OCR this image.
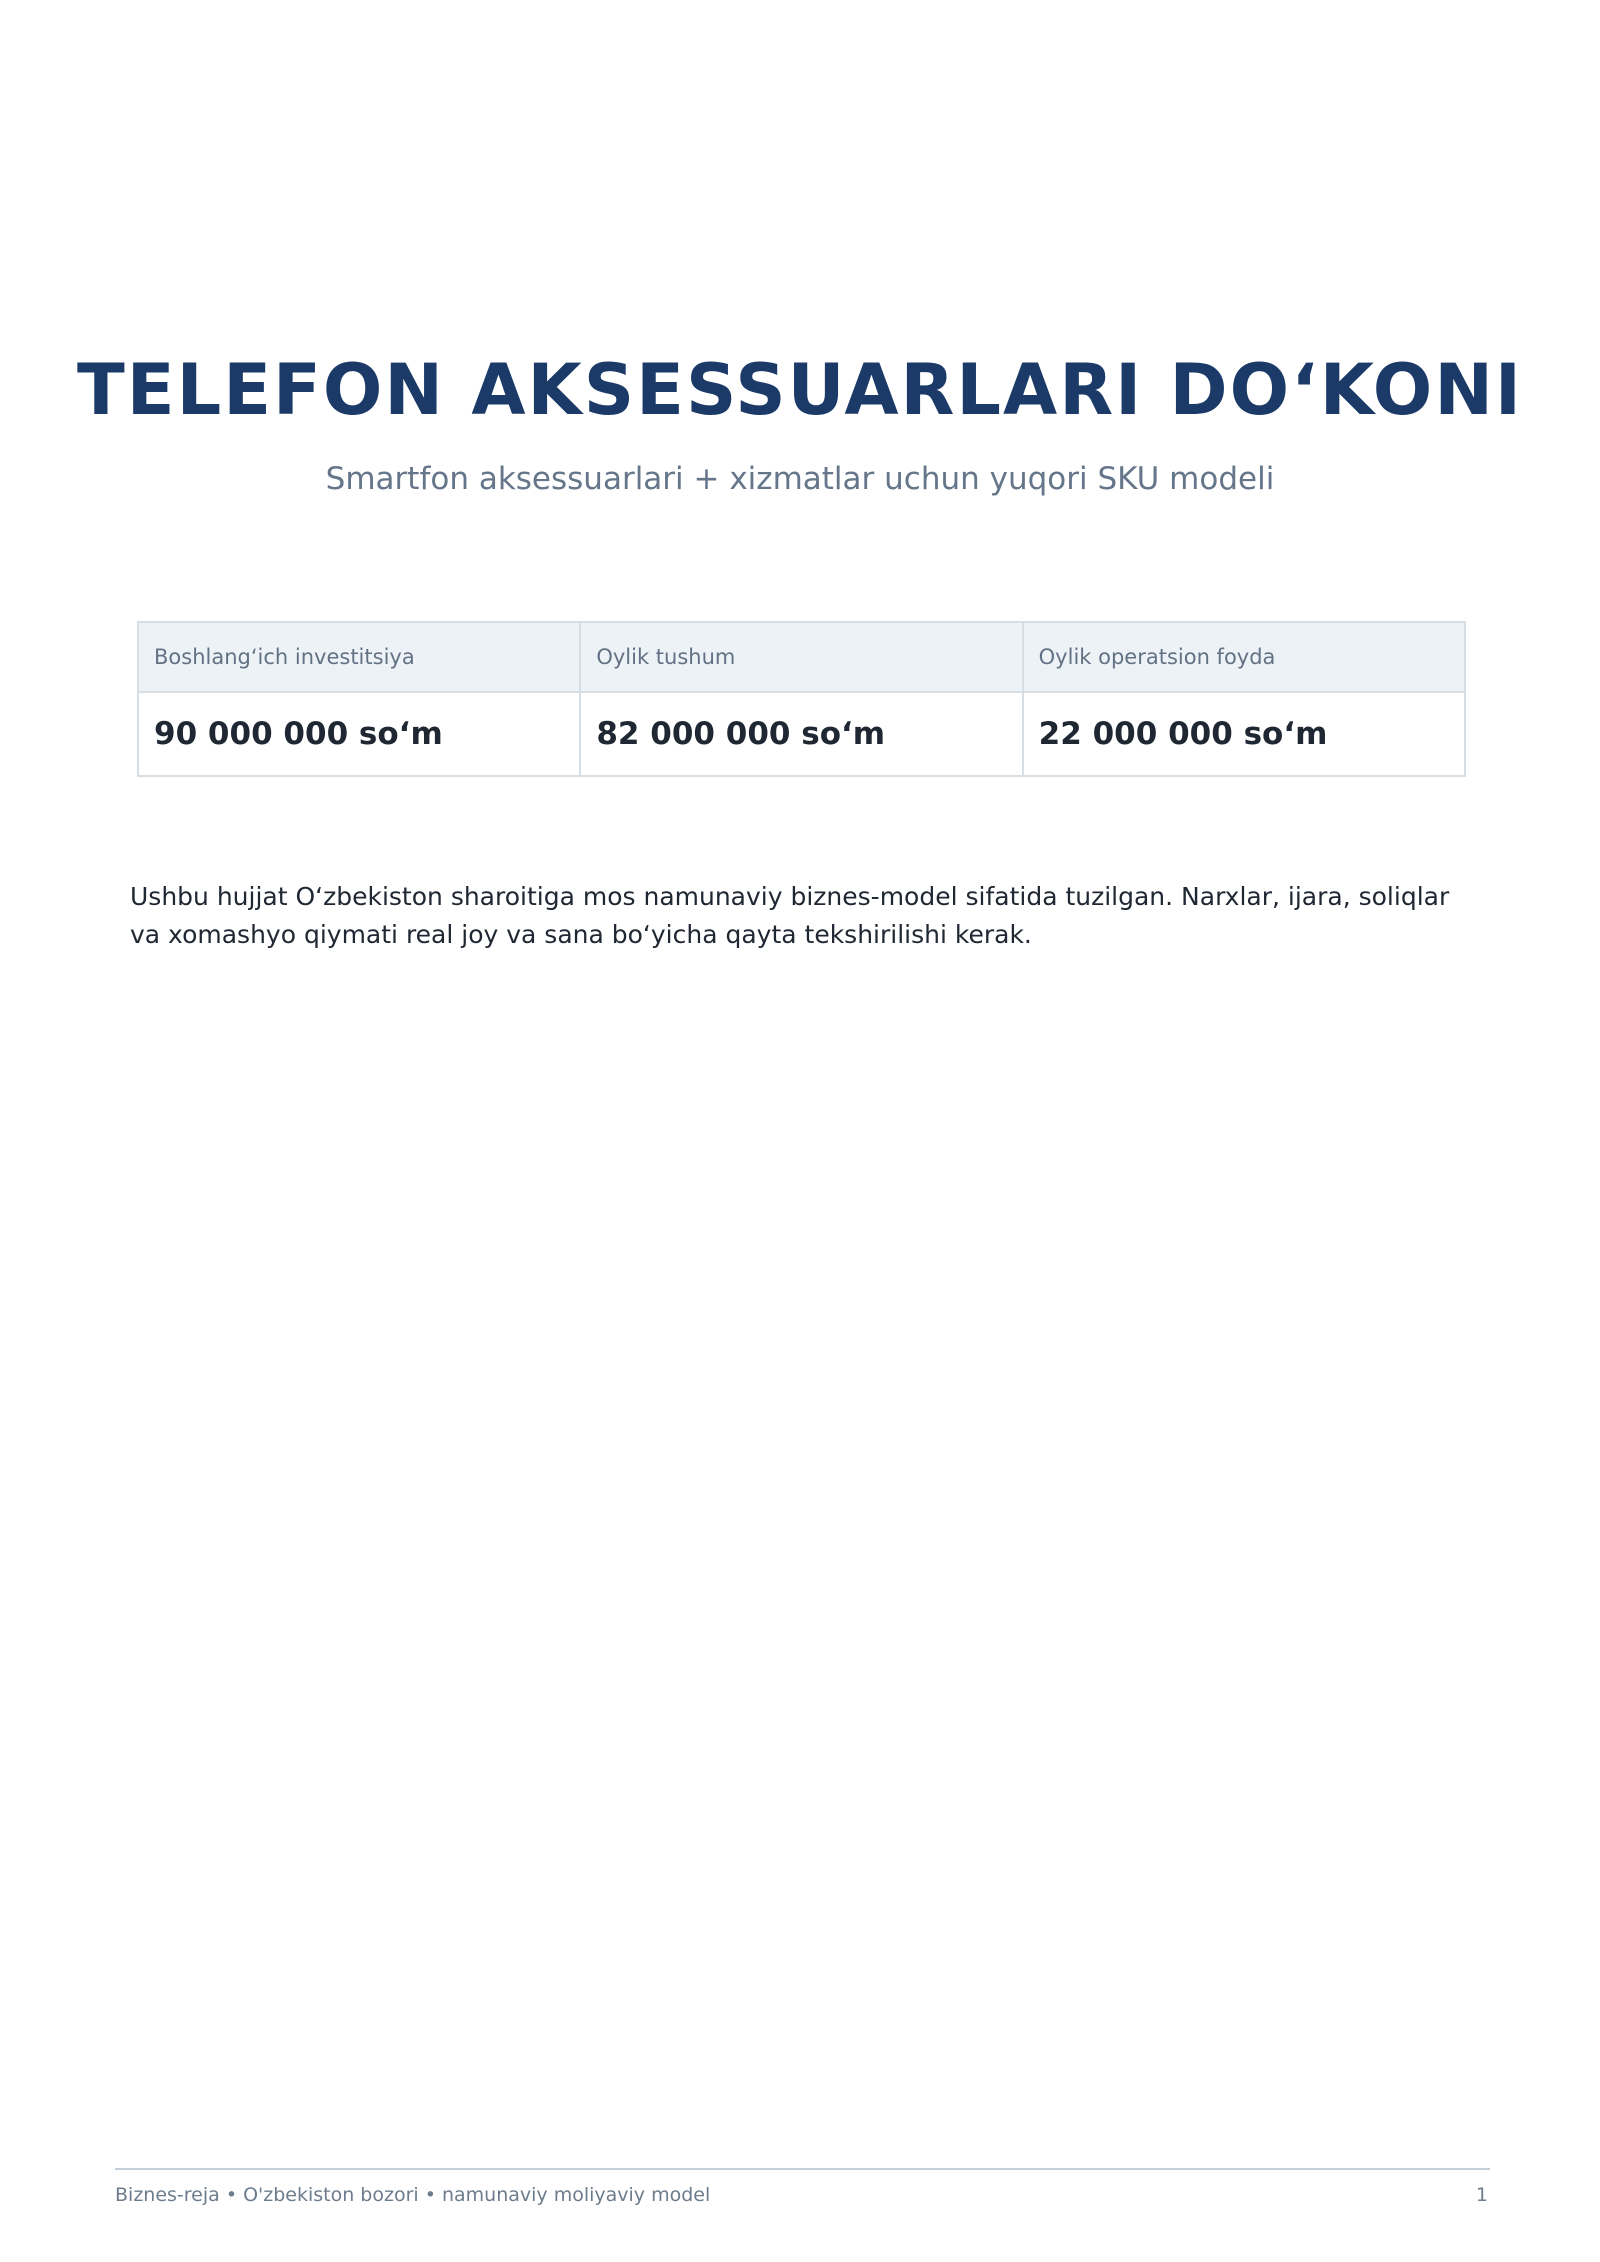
TELEFON AKSESSUARLARI DO‘KONI

Smartfon aksessuarlari + xizmatlar uchun yuqori SKU modeli

Boshlang‘ich investitsiya	Oylik tushum	Oylik operatsion foyda
90 000 000 so‘m	82 000 000 so‘m	22 000 000 so‘m

Ushbu hujjat O‘zbekiston sharoitiga mos namunaviy biznes-model sifatida tuzilgan. Narxlar, ijara, soliqlar va xomashyo qiymati real joy va sana bo‘yicha qayta tekshirilishi kerak.

Biznes-reja • O'zbekiston bozori • namunaviy moliyaviy model	1
